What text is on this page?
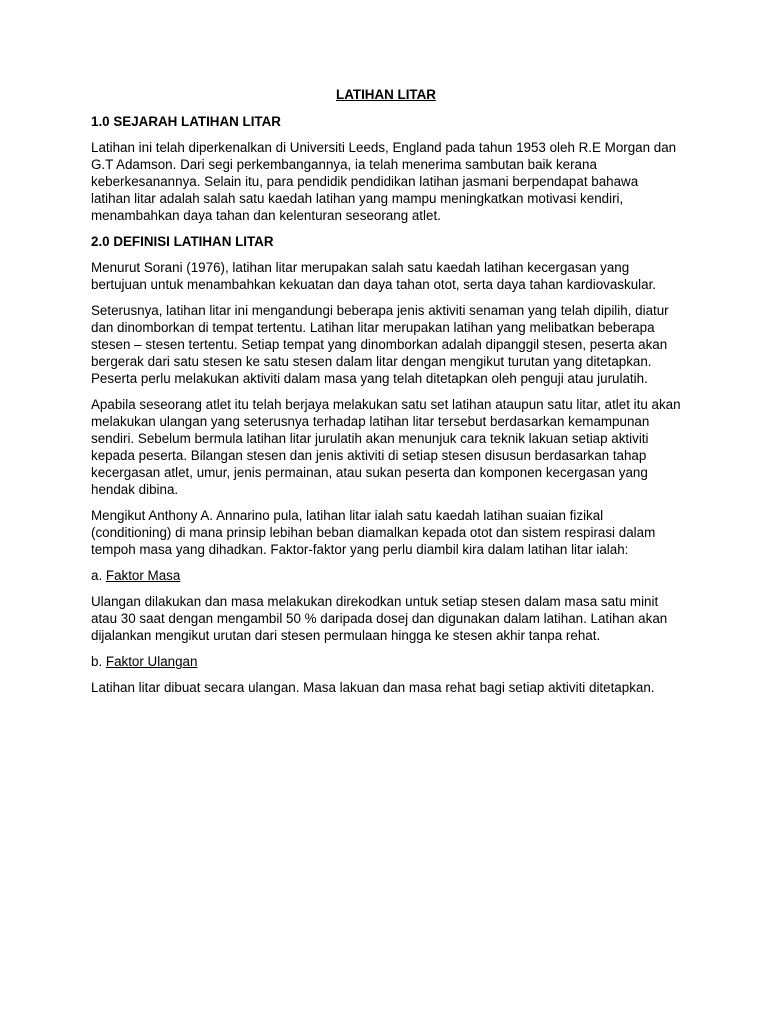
LATIHAN LITAR
1.0 SEJARAH LATIHAN LITAR

Latihan ini telah diperkenalkan di Universiti Leeds, England pada tahun 1953 oleh R.E Morgan dan G.T Adamson. Dari segi perkembangannya, ia telah menerima sambutan baik kerana keberkesanannya. Selain itu, para pendidik pendidikan latihan jasmani berpendapat bahawa latihan litar adalah salah satu kaedah latihan yang mampu meningkatkan motivasi kendiri, menambahkan daya tahan dan kelenturan seseorang atlet.

2.0 DEFINISI LATIHAN LITAR

Menurut Sorani (1976), latihan litar merupakan salah satu kaedah latihan kecergasan yang bertujuan untuk menambahkan kekuatan dan daya tahan otot, serta daya tahan kardiovaskular.

Seterusnya, latihan litar ini mengandungi beberapa jenis aktiviti senaman yang telah dipilih, diatur dan dinomborkan di tempat tertentu. Latihan litar merupakan latihan yang melibatkan beberapa stesen – stesen tertentu. Setiap tempat yang dinomborkan adalah dipanggil stesen, peserta akan bergerak dari satu stesen ke satu stesen dalam litar dengan mengikut turutan yang ditetapkan. Peserta perlu melakukan aktiviti dalam masa yang telah ditetapkan oleh penguji atau jurulatih.

Apabila seseorang atlet itu telah berjaya melakukan satu set latihan ataupun satu litar, atlet itu akan melakukan ulangan yang seterusnya terhadap latihan litar tersebut berdasarkan kemampunan sendiri. Sebelum bermula latihan litar jurulatih akan menunjuk cara teknik lakuan setiap aktiviti kepada peserta. Bilangan stesen dan jenis aktiviti di setiap stesen disusun berdasarkan tahap kecergasan atlet, umur, jenis permainan, atau sukan peserta dan komponen kecergasan yang hendak dibina.

Mengikut Anthony A. Annarino pula, latihan litar ialah satu kaedah latihan suaian fizikal (conditioning) di mana prinsip lebihan beban diamalkan kepada otot dan sistem respirasi dalam tempoh masa yang dihadkan. Faktor-faktor yang perlu diambil kira dalam latihan litar ialah:

a. Faktor Masa

Ulangan dilakukan dan masa melakukan direkodkan untuk setiap stesen dalam masa satu minit atau 30 saat dengan mengambil 50 % daripada dosej dan digunakan dalam latihan. Latihan akan dijalankan mengikut urutan dari stesen permulaan hingga ke stesen akhir tanpa rehat.

b. Faktor Ulangan

Latihan litar dibuat secara ulangan. Masa lakuan dan masa rehat bagi setiap aktiviti ditetapkan.
